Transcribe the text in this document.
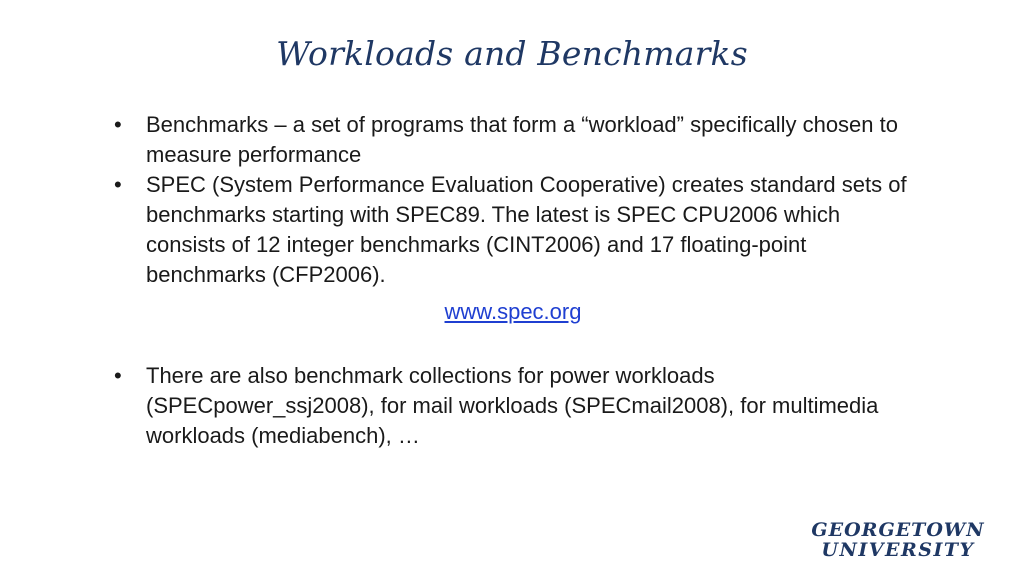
Workloads and Benchmarks
•	Benchmarks – a set of programs that form a “workload” specifically chosen to measure performance
•	SPEC (System Performance Evaluation Cooperative) creates standard sets of benchmarks starting with SPEC89. The latest is SPEC CPU2006 which consists of 12 integer benchmarks (CINT2006) and 17 floating-point benchmarks (CFP2006).
www.spec.org
•	There are also benchmark collections for power workloads (SPECpower_ssj2008), for mail workloads (SPECmail2008), for multimedia workloads (mediabench), …
GEORGETOWN
UNIVERSITY
